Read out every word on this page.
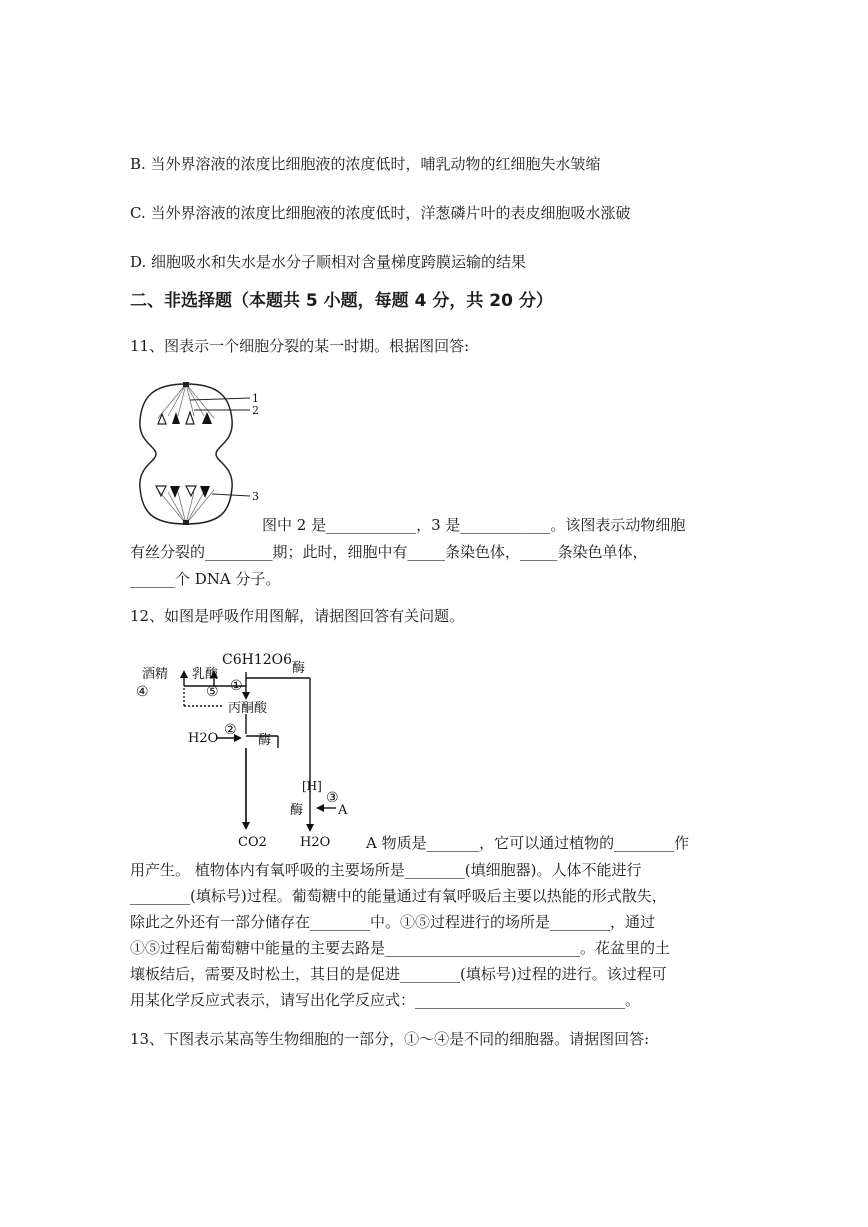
B. 当外界溶液的浓度比细胞液的浓度低时，哺乳动物的红细胞失水皱缩

C. 当外界溶液的浓度比细胞液的浓度低时，洋葱磷片叶的表皮细胞吸水涨破

D. 细胞吸水和失水是水分子顺相对含量梯度跨膜运输的结果

二、非选择题（本题共 5 小题，每题 4 分，共 20 分）

11、图表示一个细胞分裂的某一时期。根据图回答:

1
2
3

图中 2 是____________，3 是____________。该图表示动物细胞

有丝分裂的_________期；此时，细胞中有_____条染色体，_____条染色单体，

______个 DNA 分子。

12、如图是呼吸作用图解，请据图回答有关问题。

C6H12O6
酶
酒精 乳酸
④	⑤ ①
丙酮酸
H2O
②
酶
[H]
酶
③
A
CO2	H2O A 物质是_______，它可以通过植物的________作

用产生。 植物体内有氧呼吸的主要场所是________(填细胞器)。人体不能进行

________(填标号)过程。葡萄糖中的能量通过有氧呼吸后主要以热能的形式散失，

除此之外还有一部分储存在________中。①⑤过程进行的场所是________，通过

①⑤过程后葡萄糖中能量的主要去路是__________________________。花盆里的土

壤板结后，需要及时松土，其目的是促进________(填标号)过程的进行。该过程可

用某化学反应式表示，请写出化学反应式：____________________________。

13、下图表示某高等生物细胞的一部分，①～④是不同的细胞器。请据图回答:
